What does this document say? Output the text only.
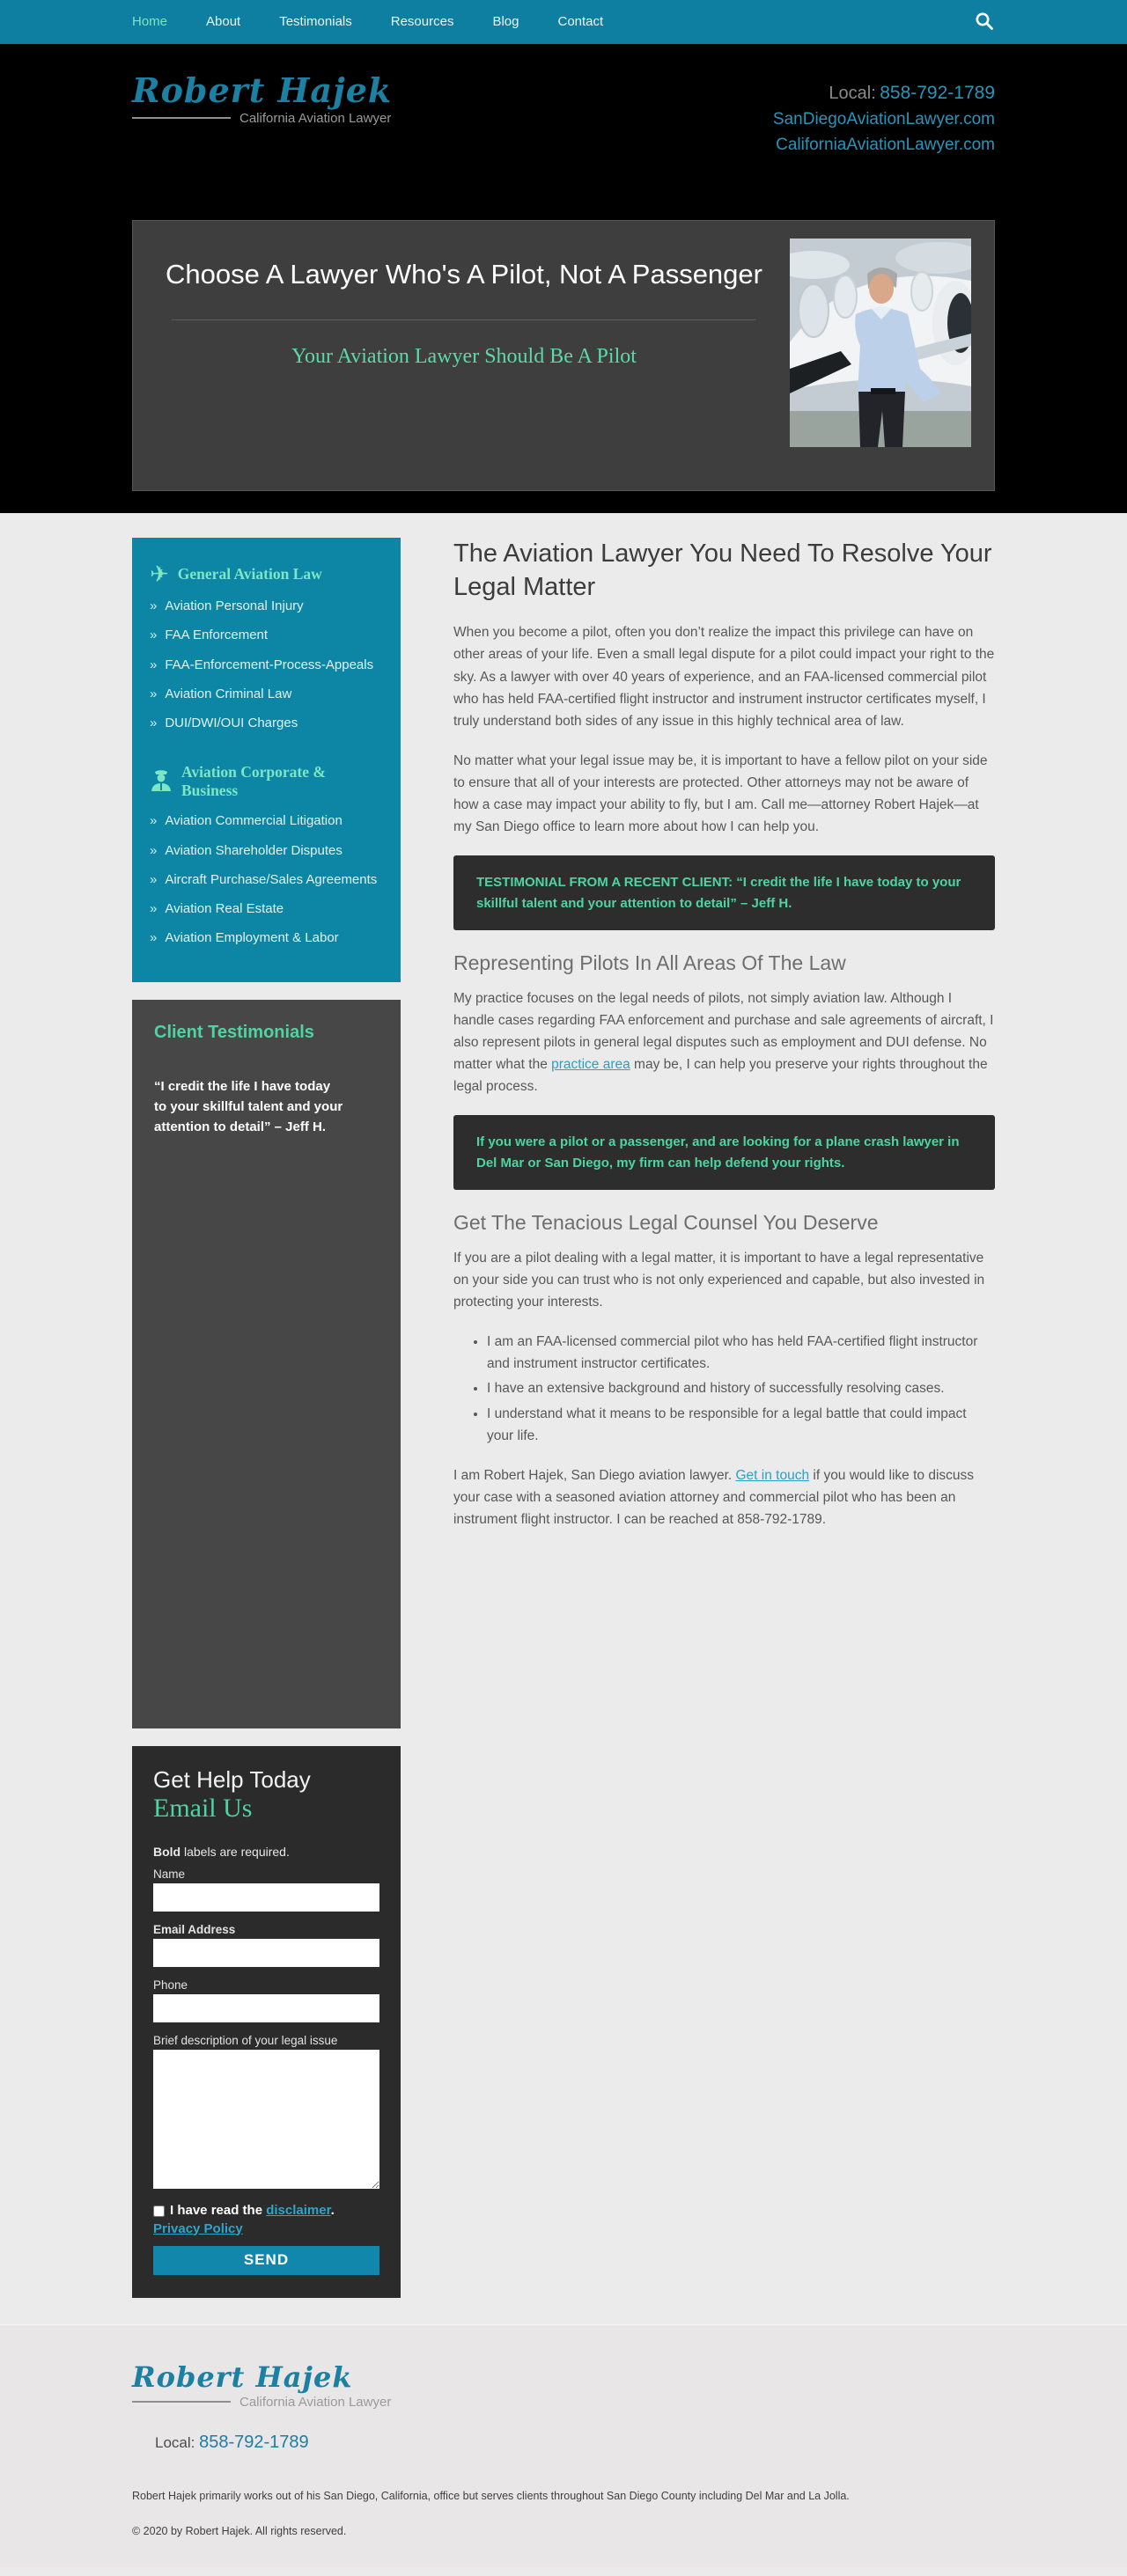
Home	About	Testimonials	Resources	Blog	Contact
Robert Hajek
California Aviation Lawyer
Local: 858-792-1789
SanDiegoAviationLawyer.com
CaliforniaAviationLawyer.com
Choose A Lawyer Who's A Pilot, Not A Passenger
Your Aviation Lawyer Should Be A Pilot
✈ General Aviation Law
» Aviation Personal Injury
» FAA Enforcement
» FAA-Enforcement-Process-Appeals
» Aviation Criminal Law
» DUI/DWI/OUI Charges
Aviation Corporate & Business
» Aviation Commercial Litigation
» Aviation Shareholder Disputes
» Aircraft Purchase/Sales Agreements
» Aviation Real Estate
» Aviation Employment & Labor
Client Testimonials

“I credit the life I have today to your skillful talent and your attention to detail” – Jeff H.

Get Help Today
Email Us

Bold labels are required.

Name
Email Address
Phone
Brief description of your legal issue
I have read the disclaimer.
Privacy Policy
SEND
The Aviation Lawyer You Need To Resolve Your Legal Matter

When you become a pilot, often you don’t realize the impact this privilege can have on other areas of your life. Even a small legal dispute for a pilot could impact your right to the sky. As a lawyer with over 40 years of experience, and an FAA-licensed commercial pilot who has held FAA-certified flight instructor and instrument instructor certificates myself, I truly understand both sides of any issue in this highly technical area of law.

No matter what your legal issue may be, it is important to have a fellow pilot on your side to ensure that all of your interests are protected. Other attorneys may not be aware of how a case may impact your ability to fly, but I am. Call me—attorney Robert Hajek—at my San Diego office to learn more about how I can help you.

TESTIMONIAL FROM A RECENT CLIENT: “I credit the life I have today to your skillful talent and your attention to detail” – Jeff H.

Representing Pilots In All Areas Of The Law

My practice focuses on the legal needs of pilots, not simply aviation law. Although I handle cases regarding FAA enforcement and purchase and sale agreements of aircraft, I also represent pilots in general legal disputes such as employment and DUI defense. No matter what the practice area may be, I can help you preserve your rights throughout the legal process.

If you were a pilot or a passenger, and are looking for a plane crash lawyer in Del Mar or San Diego, my firm can help defend your rights.

Get The Tenacious Legal Counsel You Deserve

If you are a pilot dealing with a legal matter, it is important to have a legal representative on your side you can trust who is not only experienced and capable, but also invested in protecting your interests.

• I am an FAA-licensed commercial pilot who has held FAA-certified flight instructor and instrument instructor certificates.
• I have an extensive background and history of successfully resolving cases.
• I understand what it means to be responsible for a legal battle that could impact your life.

I am Robert Hajek, San Diego aviation lawyer. Get in touch if you would like to discuss your case with a seasoned aviation attorney and commercial pilot who has been an instrument flight instructor. I can be reached at 858-792-1789.

Robert Hajek
California Aviation Lawyer
Local: 858-792-1789

Robert Hajek primarily works out of his San Diego, California, office but serves clients throughout San Diego County including Del Mar and La Jolla.

© 2020 by Robert Hajek. All rights reserved.
